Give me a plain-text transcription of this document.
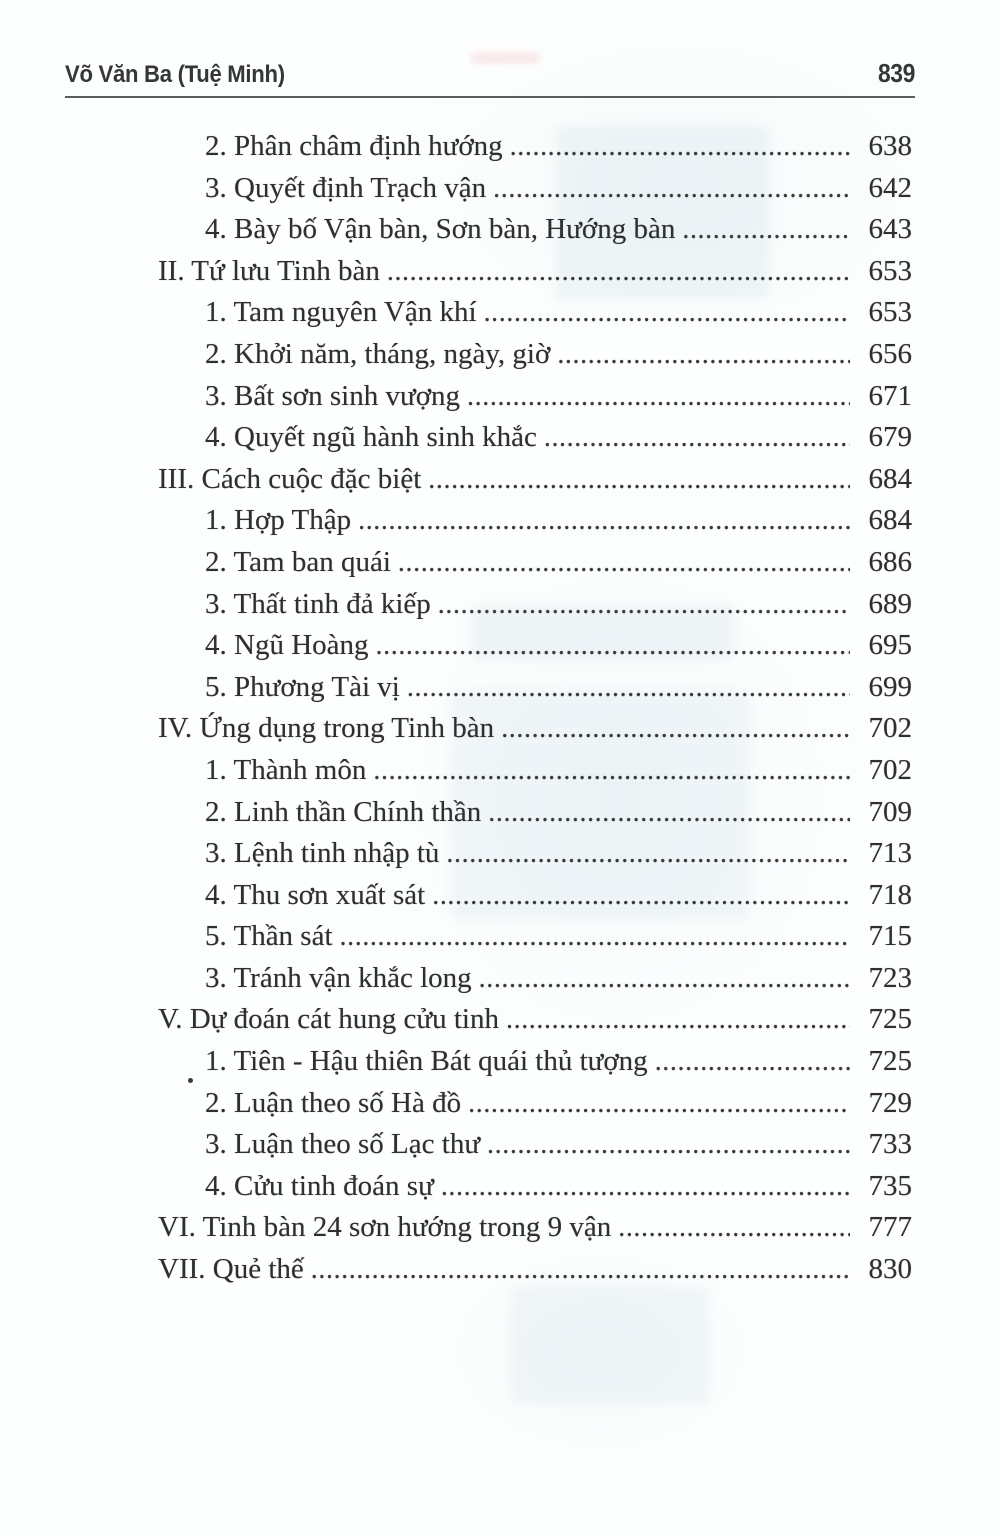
Võ Văn Ba (Tuệ Minh)	839
2. Phân châm định hướng .....	638
3. Quyết định Trạch vận .....	642
4. Bày bố Vận bàn, Sơn bàn, Hướng bàn .....	643
II. Tứ lưu Tinh bàn .....	653
1. Tam nguyên Vận khí .....	653
2. Khởi năm, tháng, ngày, giờ .....	656
3. Bất sơn sinh vượng .....	671
4. Quyết ngũ hành sinh khắc .....	679
III. Cách cuộc đặc biệt .....	684
1. Hợp Thập .....	684
2. Tam ban quái .....	686
3. Thất tinh đả kiếp .....	689
4. Ngũ Hoàng .....	695
5. Phương Tài vị .....	699
IV. Ứng dụng trong Tinh bàn .....	702
1. Thành môn .....	702
2. Linh thần Chính thần .....	709
3. Lệnh tinh nhập tù .....	713
4. Thu sơn xuất sát .....	718
5. Thần sát .....	715
3. Tránh vận khắc long .....	723
V. Dự đoán cát hung cửu tinh .....	725
1. Tiên - Hậu thiên Bát quái thủ tượng .....	725
2. Luận theo số Hà đồ .....	729
3. Luận theo số Lạc thư .....	733
4. Cửu tinh đoán sự .....	735
VI. Tinh bàn 24 sơn hướng trong 9 vận .....	777
VII. Quẻ thế .....	830
